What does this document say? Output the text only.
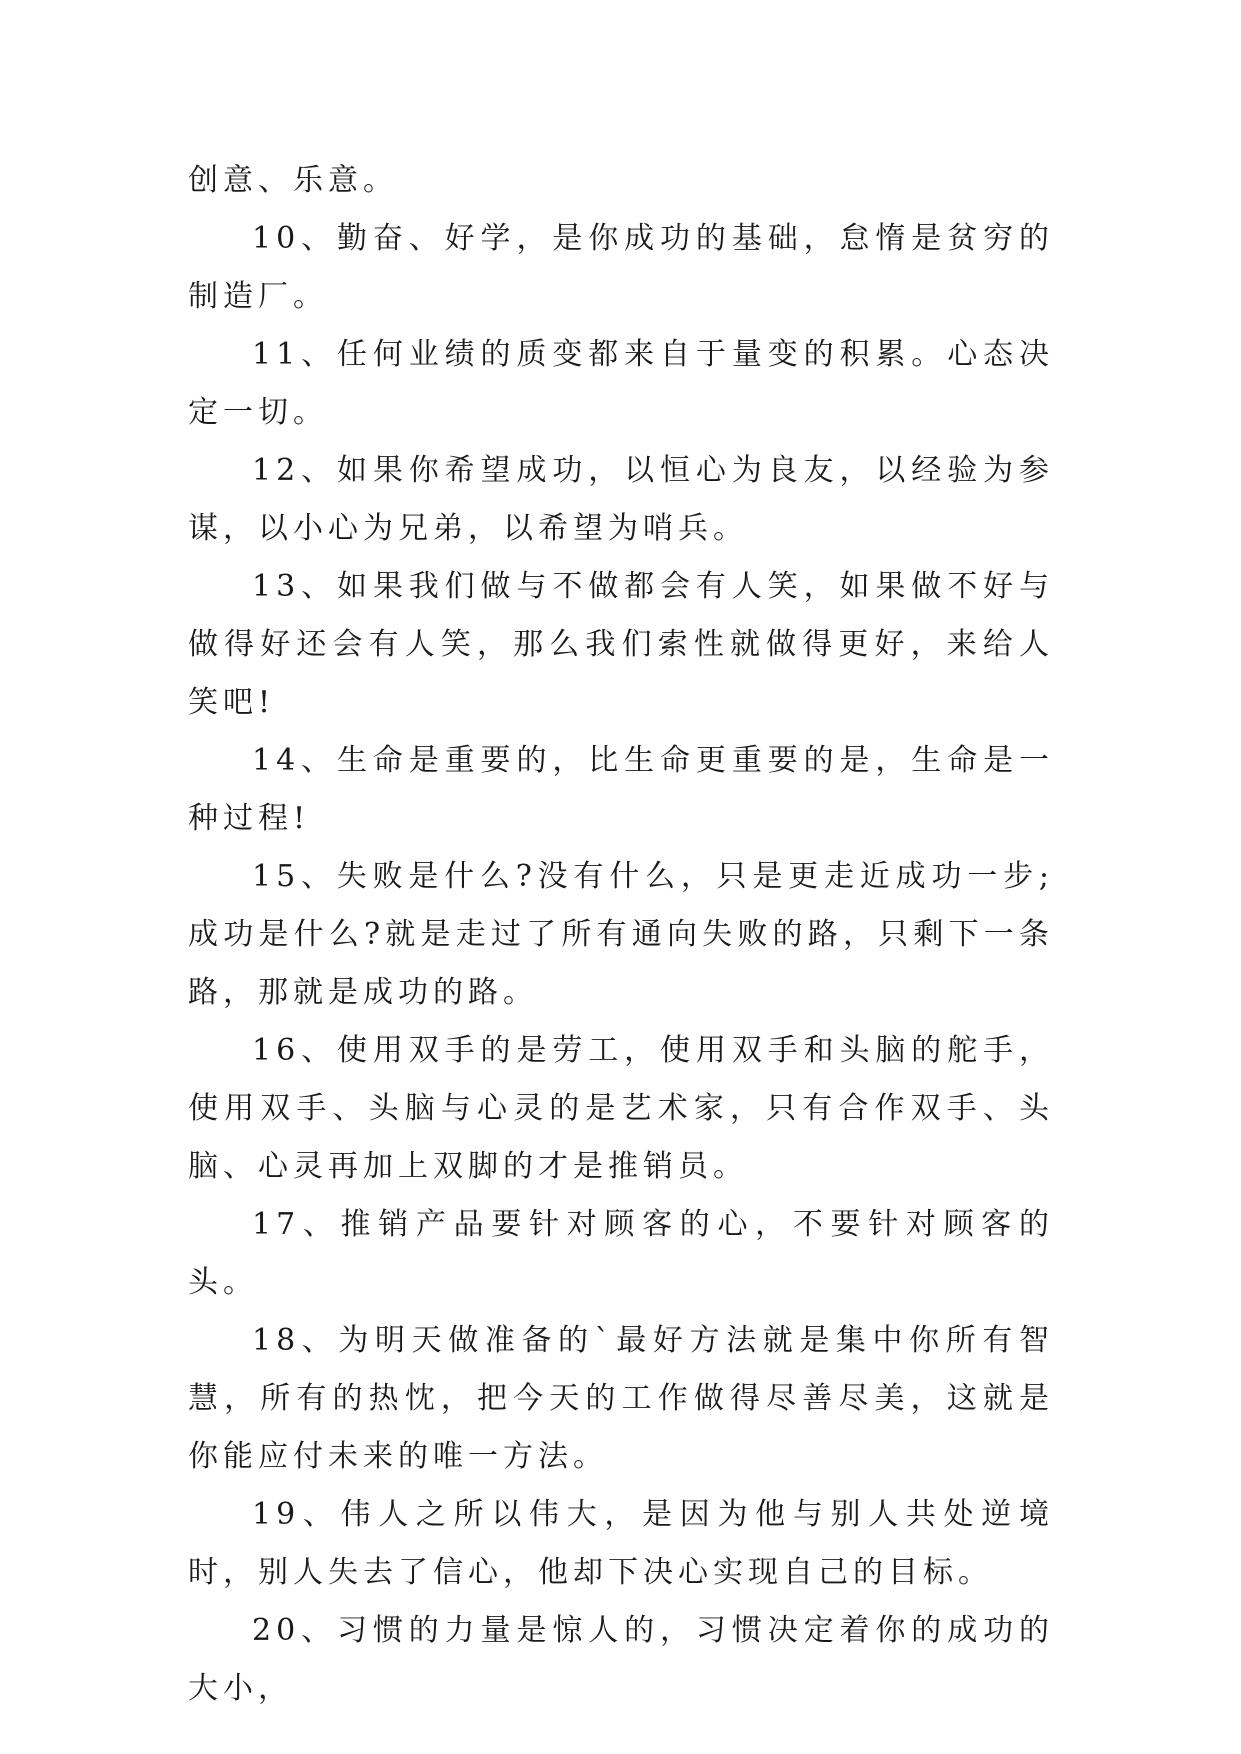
创意、乐意。

10、勤奋、好学，是你成功的基础，怠惰是贫穷的制造厂。

11、任何业绩的质变都来自于量变的积累。心态决定一切。

12、如果你希望成功，以恒心为良友，以经验为参谋，以小心为兄弟，以希望为哨兵。

13、如果我们做与不做都会有人笑，如果做不好与做得好还会有人笑，那么我们索性就做得更好，来给人笑吧!

14、生命是重要的，比生命更重要的是，生命是一种过程!

15、失败是什么?没有什么，只是更走近成功一步;成功是什么?就是走过了所有通向失败的路，只剩下一条路，那就是成功的路。

16、使用双手的是劳工，使用双手和头脑的舵手，使用双手、头脑与心灵的是艺术家，只有合作双手、头脑、心灵再加上双脚的才是推销员。

17、推销产品要针对顾客的心，不要针对顾客的头。

18、为明天做准备的`最好方法就是集中你所有智慧，所有的热忱，把今天的工作做得尽善尽美，这就是你能应付未来的唯一方法。

19、伟人之所以伟大，是因为他与别人共处逆境时，别人失去了信心，他却下决心实现自己的目标。

20、习惯的力量是惊人的，习惯决定着你的成功的大小，
